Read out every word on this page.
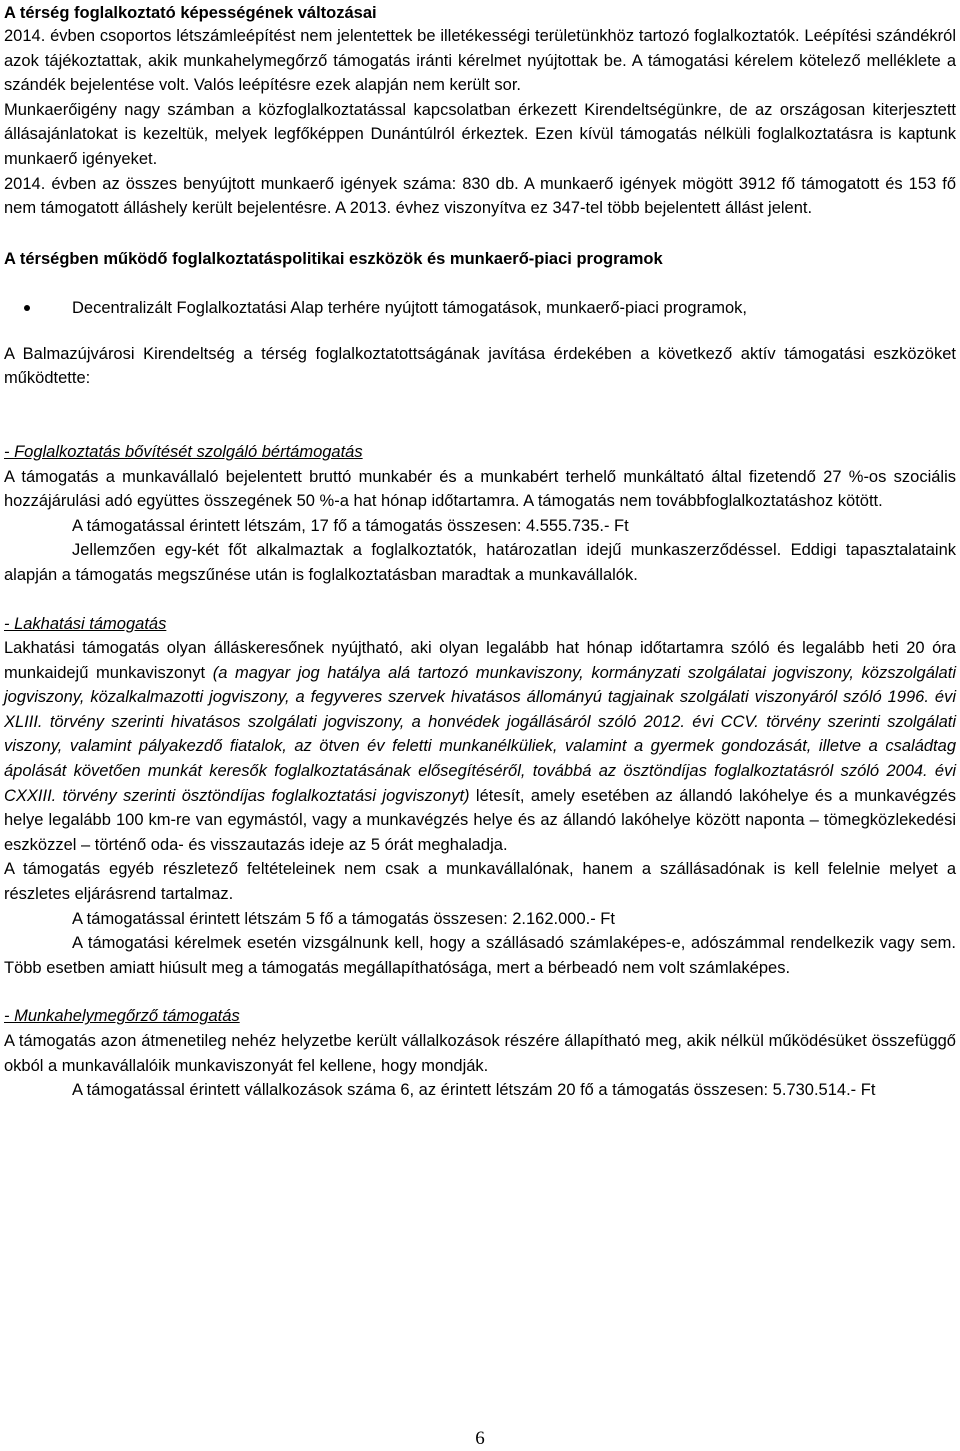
A térség foglalkoztató képességének változásai

2014. évben csoportos létszámleépítést nem jelentettek be illetékességi területünkhöz tartozó foglalkoztatók. Leépítési szándékról azok tájékoztattak, akik munkahelymegőrző támogatás iránti kérelmet nyújtottak be. A támogatási kérelem kötelező melléklete a szándék bejelentése volt. Valós leépítésre ezek alapján nem került sor.

Munkaerőigény nagy számban a közfoglalkoztatással kapcsolatban érkezett Kirendeltségünkre, de az országosan kiterjesztett állásajánlatokat is kezeltük, melyek legfőképpen Dunántúlról érkeztek. Ezen kívül támogatás nélküli foglalkoztatásra is kaptunk munkaerő igényeket.

2014. évben az összes benyújtott munkaerő igények száma: 830 db. A munkaerő igények mögött 3912 fő támogatott és 153 fő nem támogatott álláshely került bejelentésre. A 2013. évhez viszonyítva ez 347-tel több bejelentett állást jelent.

A térségben működő foglalkoztatáspolitikai eszközök és munkaerő-piaci programok
Decentralizált Foglalkoztatási Alap terhére nyújtott támogatások, munkaerő-piaci programok,

A Balmazújvárosi Kirendeltség a térség foglalkoztatottságának javítása érdekében a következő aktív támogatási eszközöket működtette:

- Foglalkoztatás bővítését szolgáló bértámogatás

A támogatás a munkavállaló bejelentett bruttó munkabér és a munkabért terhelő munkáltató által fizetendő 27 %-os szociális hozzájárulási adó együttes összegének 50 %-a hat hónap időtartamra. A támogatás nem továbbfoglalkoztatáshoz kötött.

A támogatással érintett létszám, 17 fő a támogatás összesen: 4.555.735.- Ft

Jellemzően egy-két főt alkalmaztak a foglalkoztatók, határozatlan idejű munkaszerződéssel. Eddigi tapasztalataink alapján a támogatás megszűnése után is foglalkoztatásban maradtak a munkavállalók.

- Lakhatási támogatás

Lakhatási támogatás olyan álláskeresőnek nyújtható, aki olyan legalább hat hónap időtartamra szóló és legalább heti 20 óra munkaidejű munkaviszonyt (a magyar jog hatálya alá tartozó munkaviszony, kormányzati szolgálatai jogviszony, közszolgálati jogviszony, közalkalmazotti jogviszony, a fegyveres szervek hivatásos állományú tagjainak szolgálati viszonyáról szóló 1996. évi XLIII. törvény szerinti hivatásos szolgálati jogviszony, a honvédek jogállásáról szóló 2012. évi CCV. törvény szerinti szolgálati viszony, valamint pályakezdő fiatalok, az ötven év feletti munkanélküliek, valamint a gyermek gondozását, illetve a családtag ápolását követően munkát keresők foglalkoztatásának elősegítéséről, továbbá az ösztöndíjas foglalkoztatásról szóló 2004. évi CXXIII. törvény szerinti ösztöndíjas foglalkoztatási jogviszonyt) létesít, amely esetében az állandó lakóhelye és a munkavégzés helye legalább 100 km-re van egymástól, vagy a munkavégzés helye és az állandó lakóhelye között naponta – tömegközlekedési eszközzel – történő oda- és visszautazás ideje az 5 órát meghaladja.

A támogatás egyéb részletező feltételeinek nem csak a munkavállalónak, hanem a szállásadónak is kell felelnie melyet a részletes eljárásrend tartalmaz.

A támogatással érintett létszám 5 fő a támogatás összesen: 2.162.000.- Ft

A támogatási kérelmek esetén vizsgálnunk kell, hogy a szállásadó számlaképes-e, adószámmal rendelkezik vagy sem. Több esetben amiatt hiúsult meg a támogatás megállapíthatósága, mert a bérbeadó nem volt számlaképes.

- Munkahelymegőrző támogatás

A támogatás azon átmenetileg nehéz helyzetbe került vállalkozások részére állapítható meg, akik nélkül működésüket összefüggő okból a munkavállalóik munkaviszonyát fel kellene, hogy mondják.

A támogatással érintett vállalkozások száma 6, az érintett létszám 20 fő a támogatás összesen: 5.730.514.- Ft

6
